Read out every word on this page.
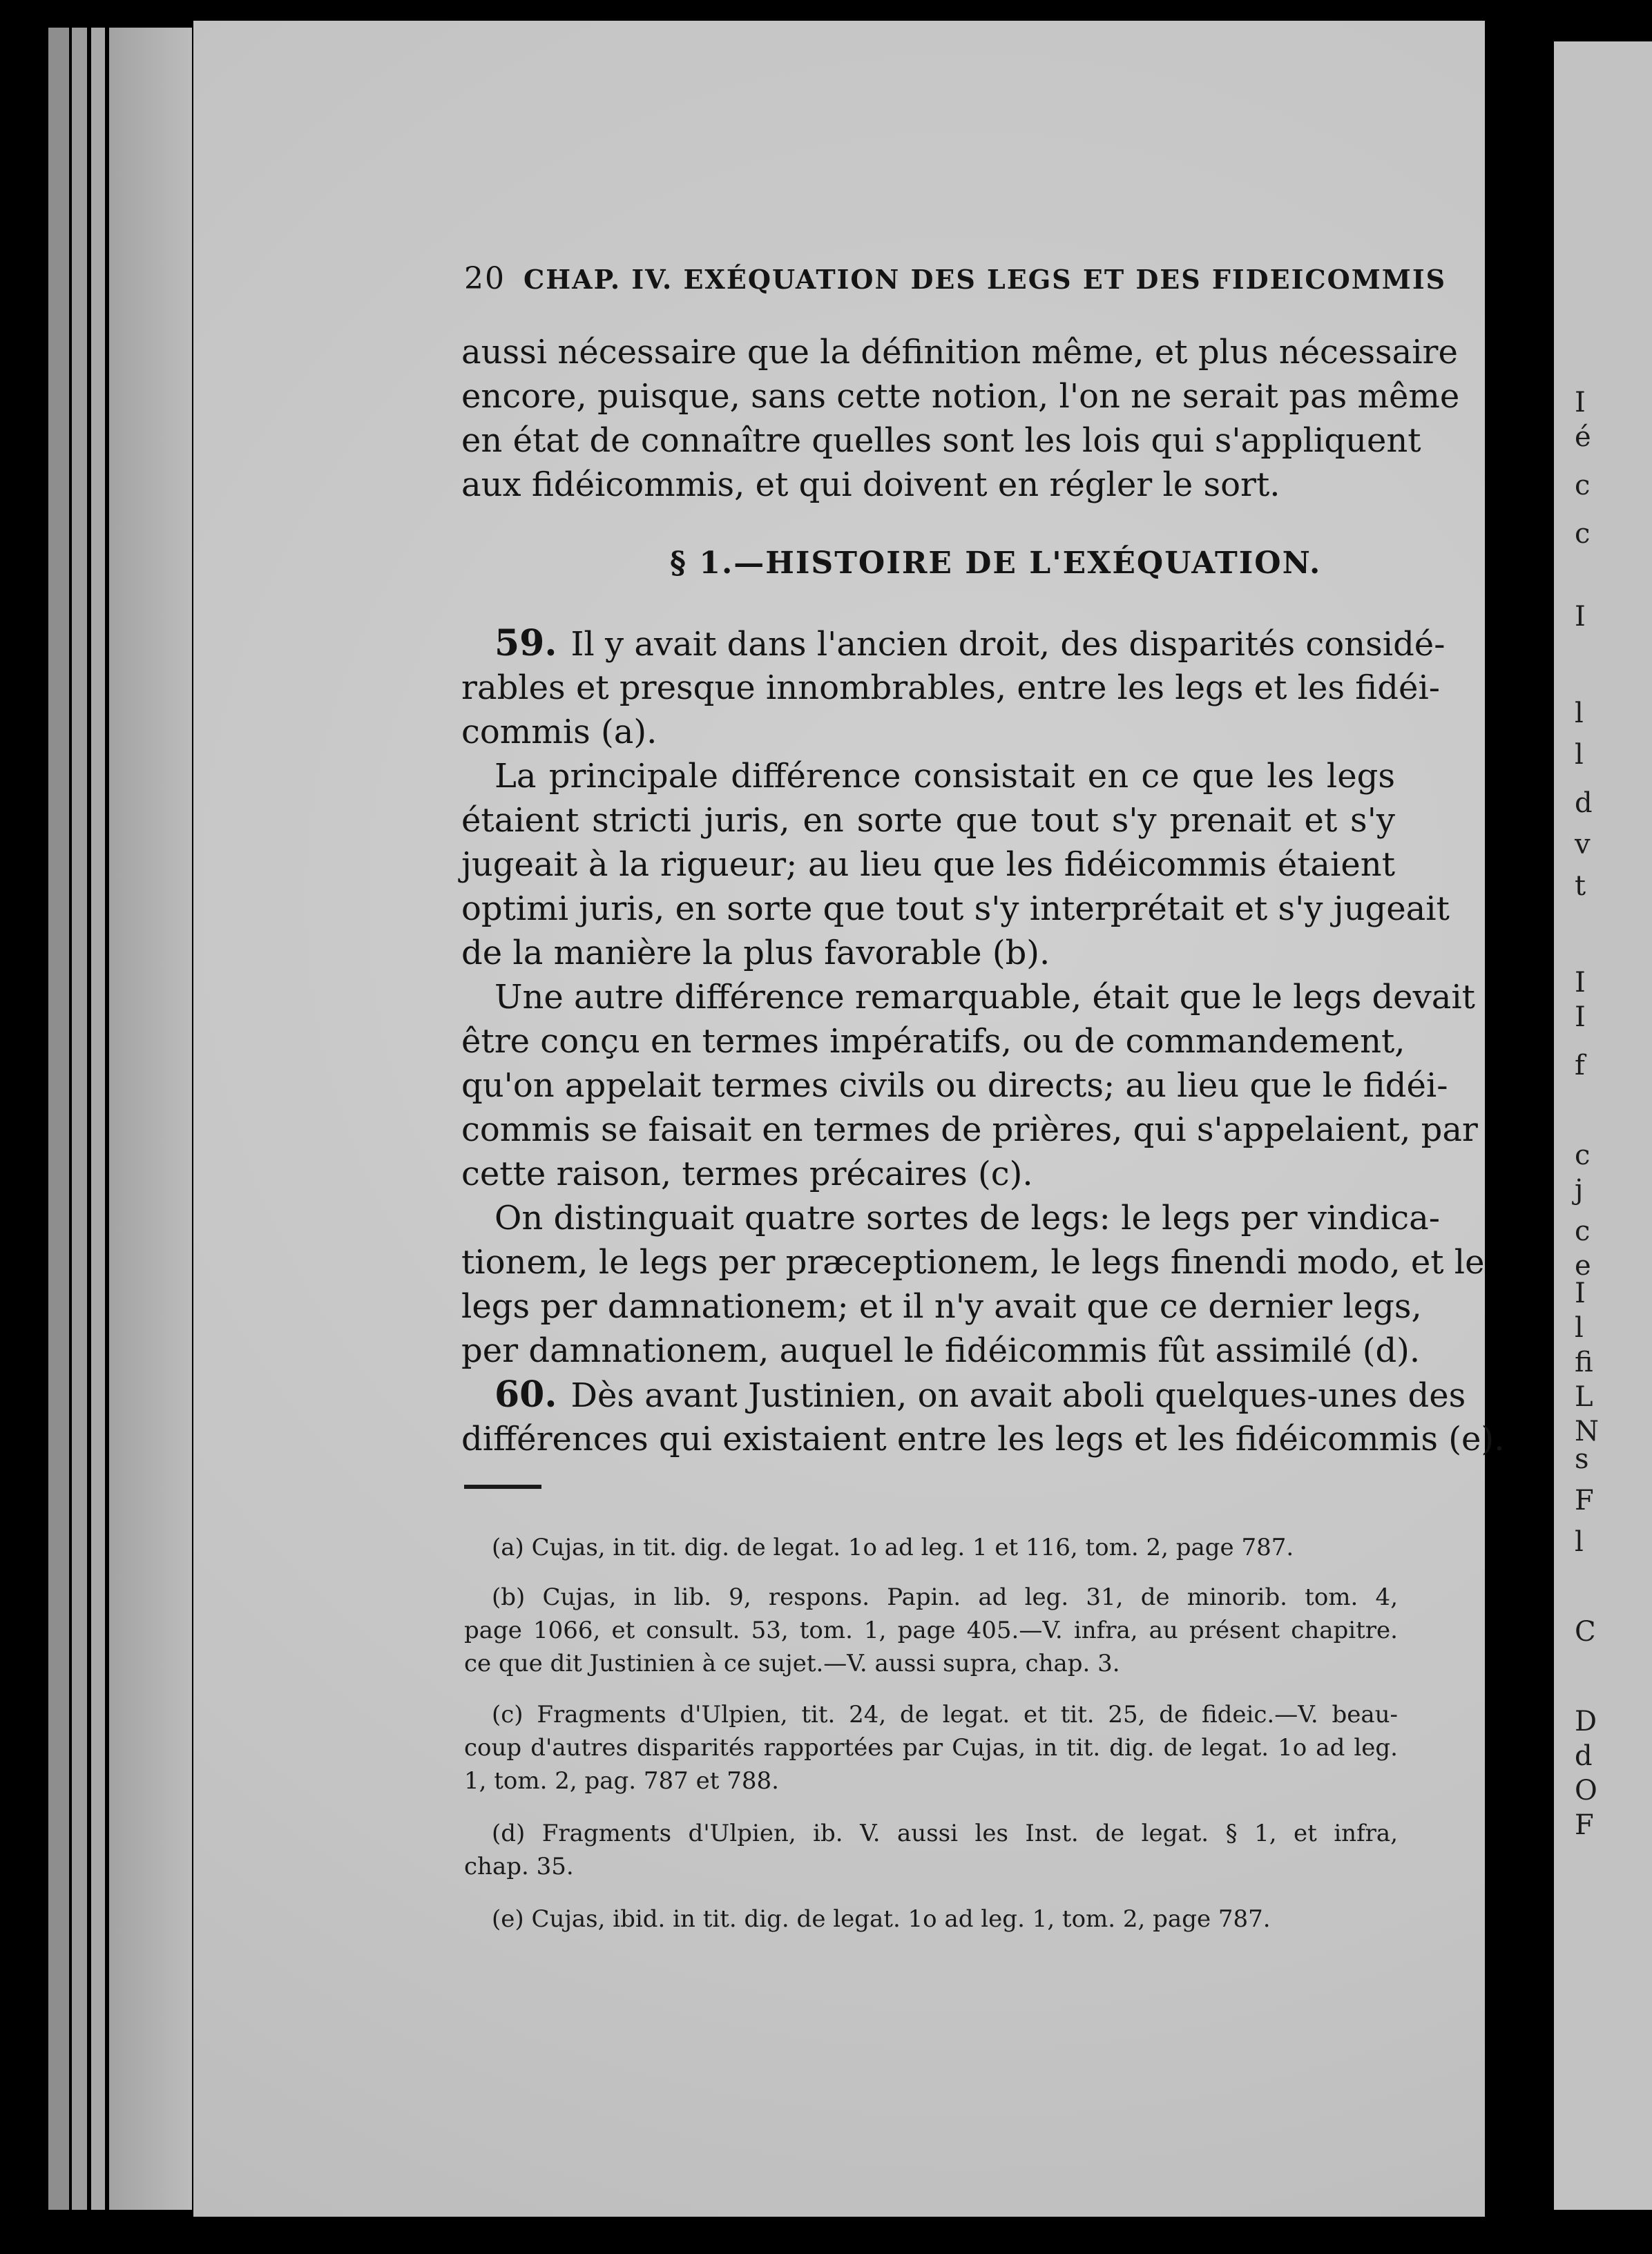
I
é
c
c
I
l
l
d
v
t
I
I
f
c
j
c
e
I
l
fi
L
N
s
F
l
C
D
d
O
F
20 CHAP. IV. EXÉQUATION DES LEGS ET DES FIDEICOMMIS
aussi nécessaire que la définition même, et plus nécessaire
encore, puisque, sans cette notion, l'on ne serait pas même
en état de connaître quelles sont les lois qui s'appliquent
aux fidéicommis, et qui doivent en régler le sort.
§ 1.—HISTOIRE DE L'EXÉQUATION.
59. Il y avait dans l'ancien droit, des disparités considé-
rables et presque innombrables, entre les legs et les fidéi-
commis (a).
La principale différence consistait en ce que les legs
étaient stricti juris, en sorte que tout s'y prenait et s'y
jugeait à la rigueur; au lieu que les fidéicommis étaient
optimi juris, en sorte que tout s'y interprétait et s'y jugeait
de la manière la plus favorable (b).
Une autre différence remarquable, était que le legs devait
être conçu en termes impératifs, ou de commandement,
qu'on appelait termes civils ou directs; au lieu que le fidéi-
commis se faisait en termes de prières, qui s'appelaient, par
cette raison, termes précaires (c).
On distinguait quatre sortes de legs: le legs per vindica-
tionem, le legs per præceptionem, le legs finendi modo, et le
legs per damnationem; et il n'y avait que ce dernier legs,
per damnationem, auquel le fidéicommis fût assimilé (d).
60. Dès avant Justinien, on avait aboli quelques-unes des
différences qui existaient entre les legs et les fidéicommis (e).
(a) Cujas, in tit. dig. de legat. 1o ad leg. 1 et 116, tom. 2, page 787.
(b) Cujas, in lib. 9, respons. Papin. ad leg. 31, de minorib. tom. 4,
page 1066, et consult. 53, tom. 1, page 405.—V. infra, au présent chapitre.
ce que dit Justinien à ce sujet.—V. aussi supra, chap. 3.
(c) Fragments d'Ulpien, tit. 24, de legat. et tit. 25, de fideic.—V. beau-
coup d'autres disparités rapportées par Cujas, in tit. dig. de legat. 1o ad leg.
1, tom. 2, pag. 787 et 788.
(d) Fragments d'Ulpien, ib. V. aussi les Inst. de legat. § 1, et infra,
chap. 35.
(e) Cujas, ibid. in tit. dig. de legat. 1o ad leg. 1, tom. 2, page 787.
